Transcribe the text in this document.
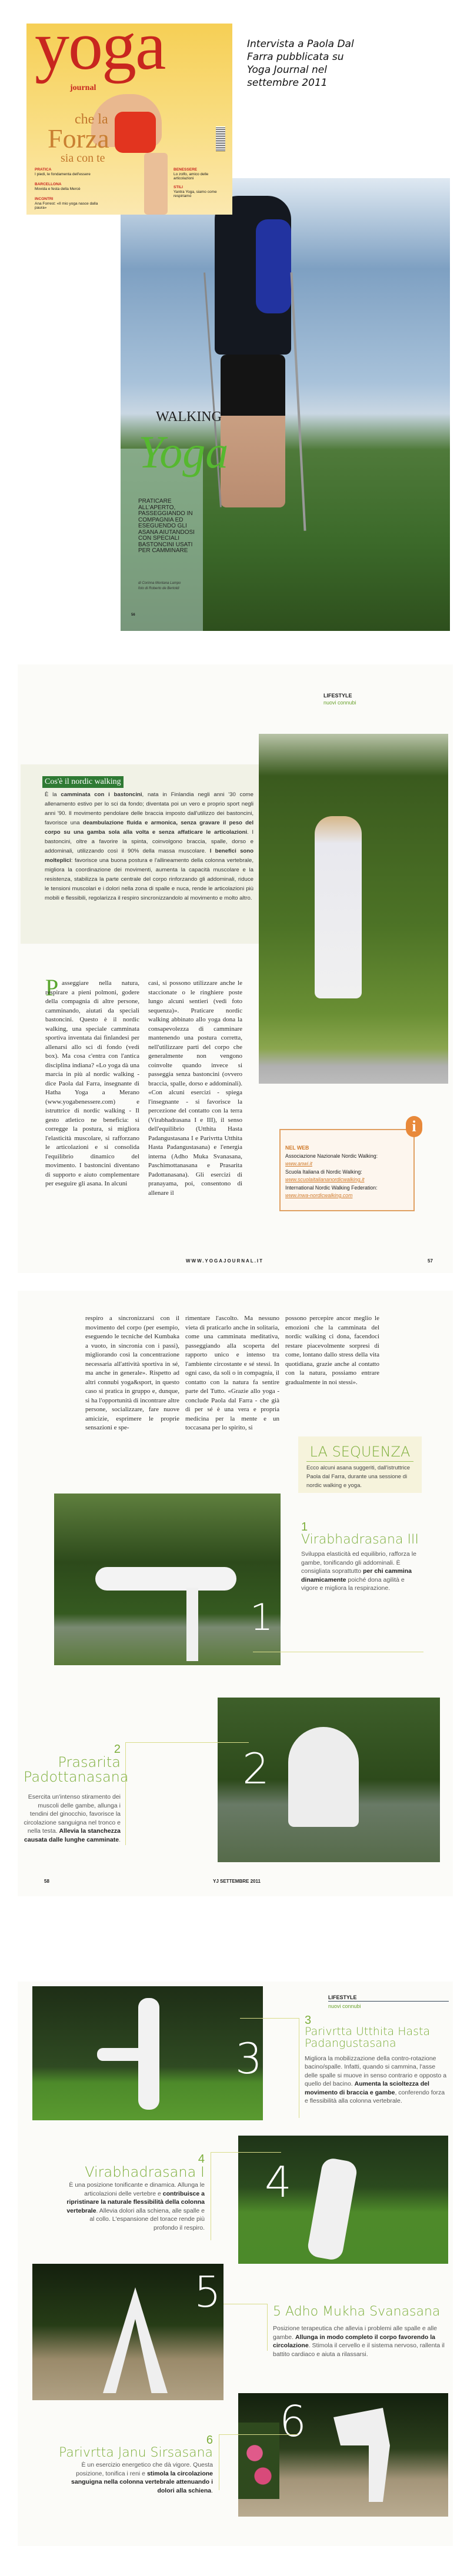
Intervista a Paola Dal
Farra pubblicata su
Yoga Journal nel
settembre 2011
WALKING
Yoga
PRATICARE ALL'APERTO, PASSEGGIANDO IN COMPAGNIA ED ESEGUENDO GLI ASANA AIUTANDOSI CON SPECIALI BASTONCINI USATI PER CAMMINARE
di Corinna Montana Lampo
foto di Roberto de Bertoldi
56
yoga
journal
che la
Forza
sia con te
PRATICA
I piedi, le fondamenta dell'essere
BARCELLONA
Movida e festa della Mercè
INCONTRI
Ana Forrest: «Il mio yoga nasce dalla paura»
BENESSERE
Lo zolfo, amico delle articolazioni
STILI
Yantra Yoga, siamo come respiriamo
LIFESTYLE
nuovi connubi
Cos'è il nordic walking
È la camminata con i bastoncini, nata in Finlandia negli anni '30 come allenamento estivo per lo sci da fondo; diventata poi un vero e proprio sport negli anni '90. Il movimento pendolare delle braccia imposto dall'utilizzo dei bastoncini, favorisce una deambulazione fluida e armonica, senza gravare il peso del corpo su una gamba sola alla volta e senza affaticare le articolazioni. I bastoncini, oltre a favorire la spinta, coinvolgono braccia, spalle, dorso e addominali, utilizzando così il 90% della massa muscolare. I benefici sono molteplici: favorisce una buona postura e l'allineamento della colonna vertebrale, migliora la coordinazione dei movimenti, aumenta la capacità muscolare e la resistenza, stabilizza la parte centrale del corpo rinforzando gli addominali, riduce le tensioni muscolari e i dolori nella zona di spalle e nuca, rende le articolazioni più mobili e flessibili, regolarizza il respiro sincronizzandolo al movimento e molto altro.
P asseggiare nella natura, respirare a pieni polmoni, godere della compagnia di altre persone, camminando, aiutati da speciali bastoncini. Questo è il nordic walking, una speciale camminata sportiva inventata dai finlandesi per allenarsi allo sci di fondo (vedi box). Ma cosa c'entra con l'antica disciplina indiana? «Lo yoga dà una marcia in più al nordic walking - dice Paola dal Farra, insegnante di Hatha Yoga a Merano (www.yogabenessere.com) e istruttrice di nordic walking - Il gesto atletico ne beneficia: si corregge la postura, si migliora l'elasticità muscolare, si rafforzano le articolazioni e si consolida l'equilibrio dinamico del movimento. I bastoncini diventano di supporto e aiuto complementare per eseguire gli asana. In alcuni
casi, si possono utilizzare anche le staccionate o le ringhiere poste lungo alcuni sentieri (vedi foto sequenza)». Praticare nordic walking abbinato allo yoga dona la consapevolezza di camminare mantenendo una postura corretta, nell'utilizzare parti del corpo che generalmente non vengono coinvolte quando invece si passeggia senza bastoncini (ovvero braccia, spalle, dorso e addominali). «Con alcuni esercizi - spiega l'insegnante - si favorisce la percezione del contatto con la terra (Virabhadrasana I e III), il senso dell'equilibrio (Utthita Hasta Padangustasana I e Parivrtta Utthita Hasta Padangustasana) e l'energia interna (Adho Muka Svanasana, Paschimottanasana e Prasarita Padottanasana). Gli esercizi di pranayama, poi, consentono di allenare il
NEL WEB
Associazione Nazionale Nordic Walking:
www.anwi.it
Scuola Italiana di Nordic Walking:
www.scuolaitaliananordicwalking.it
International Nordic Walking Federation:
www.inwa-nordicwalking.com
i
WWW.YOGAJOURNAL.IT	57
respiro a sincronizzarsi con il movimento del corpo (per esempio, eseguendo le tecniche del Kumbaka a vuoto, in sincronia con i passi), migliorando così la concentrazione necessaria all'attività sportiva in sé, ma anche in generale». Rispetto ad altri connubi yoga&sport, in questo caso si pratica in gruppo e, dunque, si ha l'opportunità di incontrare altre persone, socializzare, fare nuove amicizie, esprimere le proprie sensazioni e spe-
rimentare l'ascolto. Ma nessuno vieta di praticarlo anche in solitaria, come una camminata meditativa, passeggiando alla scoperta del rapporto unico e intenso tra l'ambiente circostante e sé stessi. In ogni caso, da soli o in compagnia, il contatto con la natura fa sentire parte del Tutto. «Grazie allo yoga - conclude Paola dal Farra - che già di per sé è una vera e propria medicina per la mente e un toccasana per lo spirito, si
possono percepire ancor meglio le emozioni che la camminata del nordic walking ci dona, facendoci restare piacevolmente sorpresi di come, lontano dallo stress della vita quotidiana, grazie anche al contatto con la natura, possiamo entrare gradualmente in noi stessi».
LA SEQUENZA
Ecco alcuni asana suggeriti, dall'istruttrice Paola dal Farra, durante una sessione di nordic walking e yoga.
1
1
Virabhadrasana III
Sviluppa elasticità ed equilibrio, rafforza le gambe, tonificando gli addominali. È consigliata soprattutto per chi cammina dinamicamente poiché dona agilità e vigore e migliora la respirazione.
2
2
Prasarita Padottanasana
Esercita un'intenso stiramento dei muscoli delle gambe, allunga i tendini del ginocchio, favorisce la circolazione sanguigna nel tronco e nella testa. Allevia la stanchezza causata dalle lunghe camminate.
58	YJ SETTEMBRE 2011
3
LIFESTYLE
nuovi connubi
3
Parivrtta Utthita Hasta Padangustasana
Migliora la mobilizzazione della contro-rotazione bacino/spalle. Infatti, quando si cammina, l'asse delle spalle si muove in senso contrario e opposto a quello del bacino. Aumenta la scioltezza del movimento di braccia e gambe, conferendo forza e flessibilità alla colonna vertebrale.
4
4
Virabhadrasana I
È una posizione tonificante e dinamica. Allunga le articolazioni delle vertebre e contribuisce a ripristinare la naturale flessibilità della colonna vertebrale. Allevia dolori alla schiena, alle spalle e al collo. L'espansione del torace rende più profondo il respiro.
5	5 Adho Mukha Svanasana
Posizione terapeutica che allevia i problemi alle spalle e alle gambe. Allunga in modo completo il corpo favorendo la circolazione. Stimola il cervello e il sistema nervoso, rallenta il battito cardiaco e aiuta a rilassarsi.
6
6
Parivrtta Janu Sirsasana
È un esercizio energetico che dà vigore. Questa posizione, tonifica i reni e stimola la circolazione sanguigna nella colonna vertebrale attenuando i dolori alla schiena.
